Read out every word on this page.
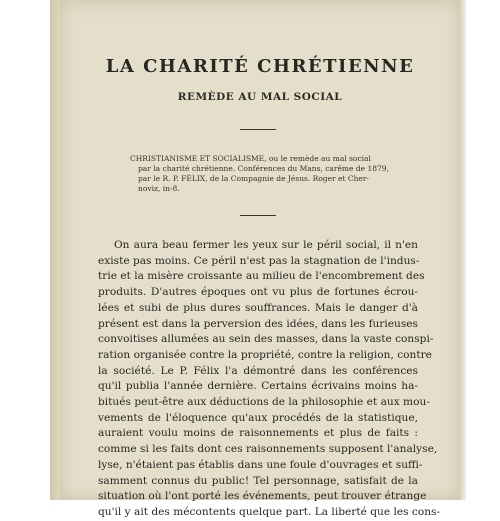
LA CHARITÉ CHRÉTIENNE
REMÈDE AU MAL SOCIAL
CHRISTIANISME ET SOCIALISME, ou le remède au mal social
par la charité chrétienne. Conférences du Mans, carême de 1879,
par le R. P. FÉLIX, de la Compagnie de Jésus. Roger et Cher-
noviz, in-8.
On aura beau fermer les yeux sur le péril social, il n'en
existe pas moins. Ce péril n'est pas la stagnation de l'indus-
trie et la misère croissante au milieu de l'encombrement des
produits. D'autres époques ont vu plus de fortunes écrou-
lées et subi de plus dures souffrances. Mais le danger d'à
présent est dans la perversion des idées, dans les furieuses
convoitises allumées au sein des masses, dans la vaste conspi-
ration organisée contre la propriété, contre la religion, contre
la société. Le P. Félix l'a démontré dans les conférences
qu'il publia l'année dernière. Certains écrivains moins ha-
bitués peut-être aux déductions de la philosophie et aux mou-
vements de l'éloquence qu'aux procédés de la statistique,
auraient voulu moins de raisonnements et plus de faits :
comme si les faits dont ces raisonnements supposent l'analyse,
lyse, n'étaient pas établis dans une foule d'ouvrages et suffi-
samment connus du public! Tel personnage, satisfait de la
situation où l'ont porté les événements, peut trouver étrange
qu'il y ait des mécontents quelque part. La liberté que les cons-
